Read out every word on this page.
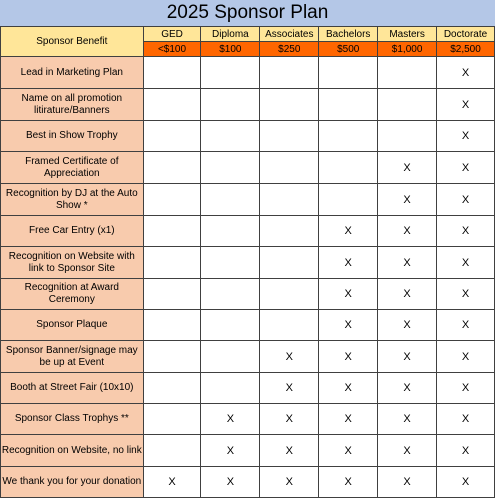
2025 Sponsor Plan
Sponsor Benefit	GED	Diploma	Associates	Bachelors	Masters	Doctorate
	<$100	$100	$250	$500	$1,000	$2,500
Lead in Marketing Plan						X
Name on all promotion litirature/Banners						X
Best in Show Trophy						X
Framed Certificate of Appreciation					X	X
Recognition by DJ at the Auto Show *					X	X
Free Car Entry (x1)				X	X	X
Recognition on Website with link to Sponsor Site				X	X	X
Recognition at Award Ceremony				X	X	X
Sponsor Plaque				X	X	X
Sponsor Banner/signage may be up at Event			X	X	X	X
Booth at Street Fair (10x10)			X	X	X	X
Sponsor Class Trophys **		X	X	X	X	X
Recognition on Website, no link		X	X	X	X	X
We thank you for your donation	X	X	X	X	X	X
